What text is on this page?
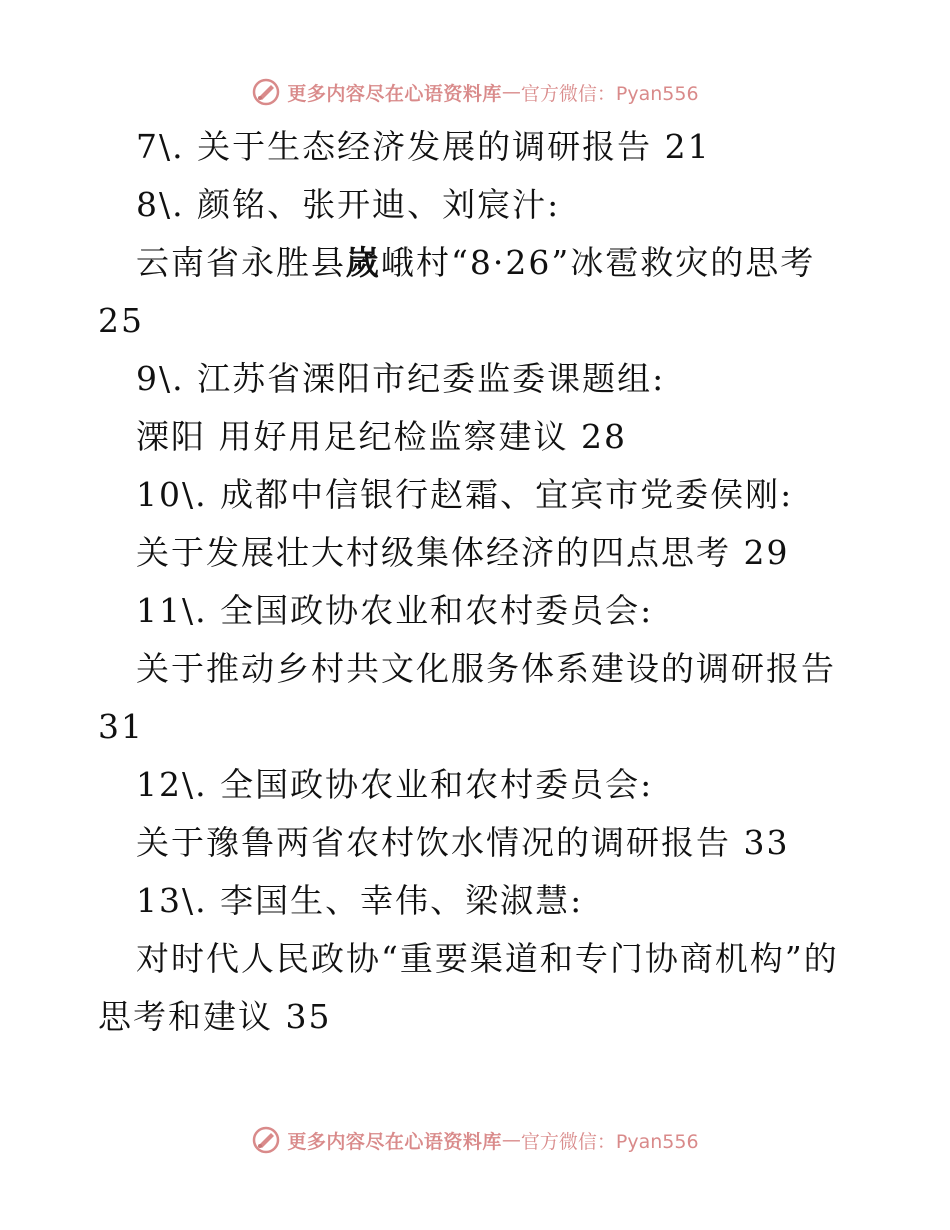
更多内容尽在心语资料库 — 官方微信：Pyan556
7\. 关于生态经济发展的调研报告 21
8\. 颜铭、张开迪、刘宸汁:
云南省永胜县嵗峨村“8·26”冰雹救灾的思考
25
9\. 江苏省溧阳市纪委监委课题组:
溧阳 用好用足纪检监察建议 28
10\. 成都中信银行赵霜、宜宾市党委侯刚:
关于发展壮大村级集体经济的四点思考 29
11\. 全国政协农业和农村委员会:
关于推动乡村共文化服务体系建设的调研报告
31
12\. 全国政协农业和农村委员会:
关于豫鲁两省农村饮水情况的调研报告 33
13\. 李国生、幸伟、梁淑慧:
对时代人民政协“重要渠道和专门协商机构”的
思考和建议 35
更多内容尽在心语资料库 — 官方微信：Pyan556
